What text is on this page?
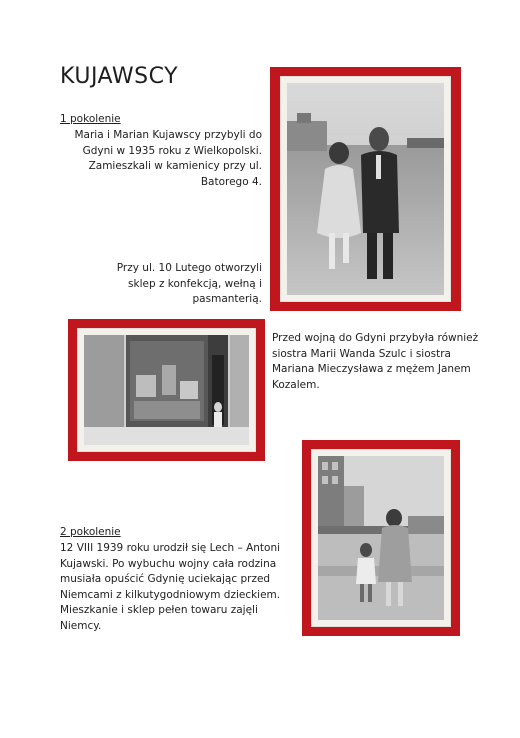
KUJAWSCY
1 pokolenie
Maria i Marian Kujawscy przybyli do Gdyni w 1935 roku z Wielkopolski. Zamieszkali w kamienicy przy ul. Batorego 4.
Przy ul. 10 Lutego otworzyli sklep z konfekcją, wełną i pasmanterią.
Przed wojną do Gdyni przybyła również siostra Marii Wanda Szulc i siostra Mariana Mieczysława z mężem Janem Kozalem.
2 pokolenie
12 VIII 1939 roku urodził się Lech – Antoni Kujawski. Po wybuchu wojny cała rodzina musiała opuścić Gdynię uciekając przed Niemcami z kilkutygodniowym dzieckiem. Mieszkanie i sklep pełen towaru zajęli Niemcy.
